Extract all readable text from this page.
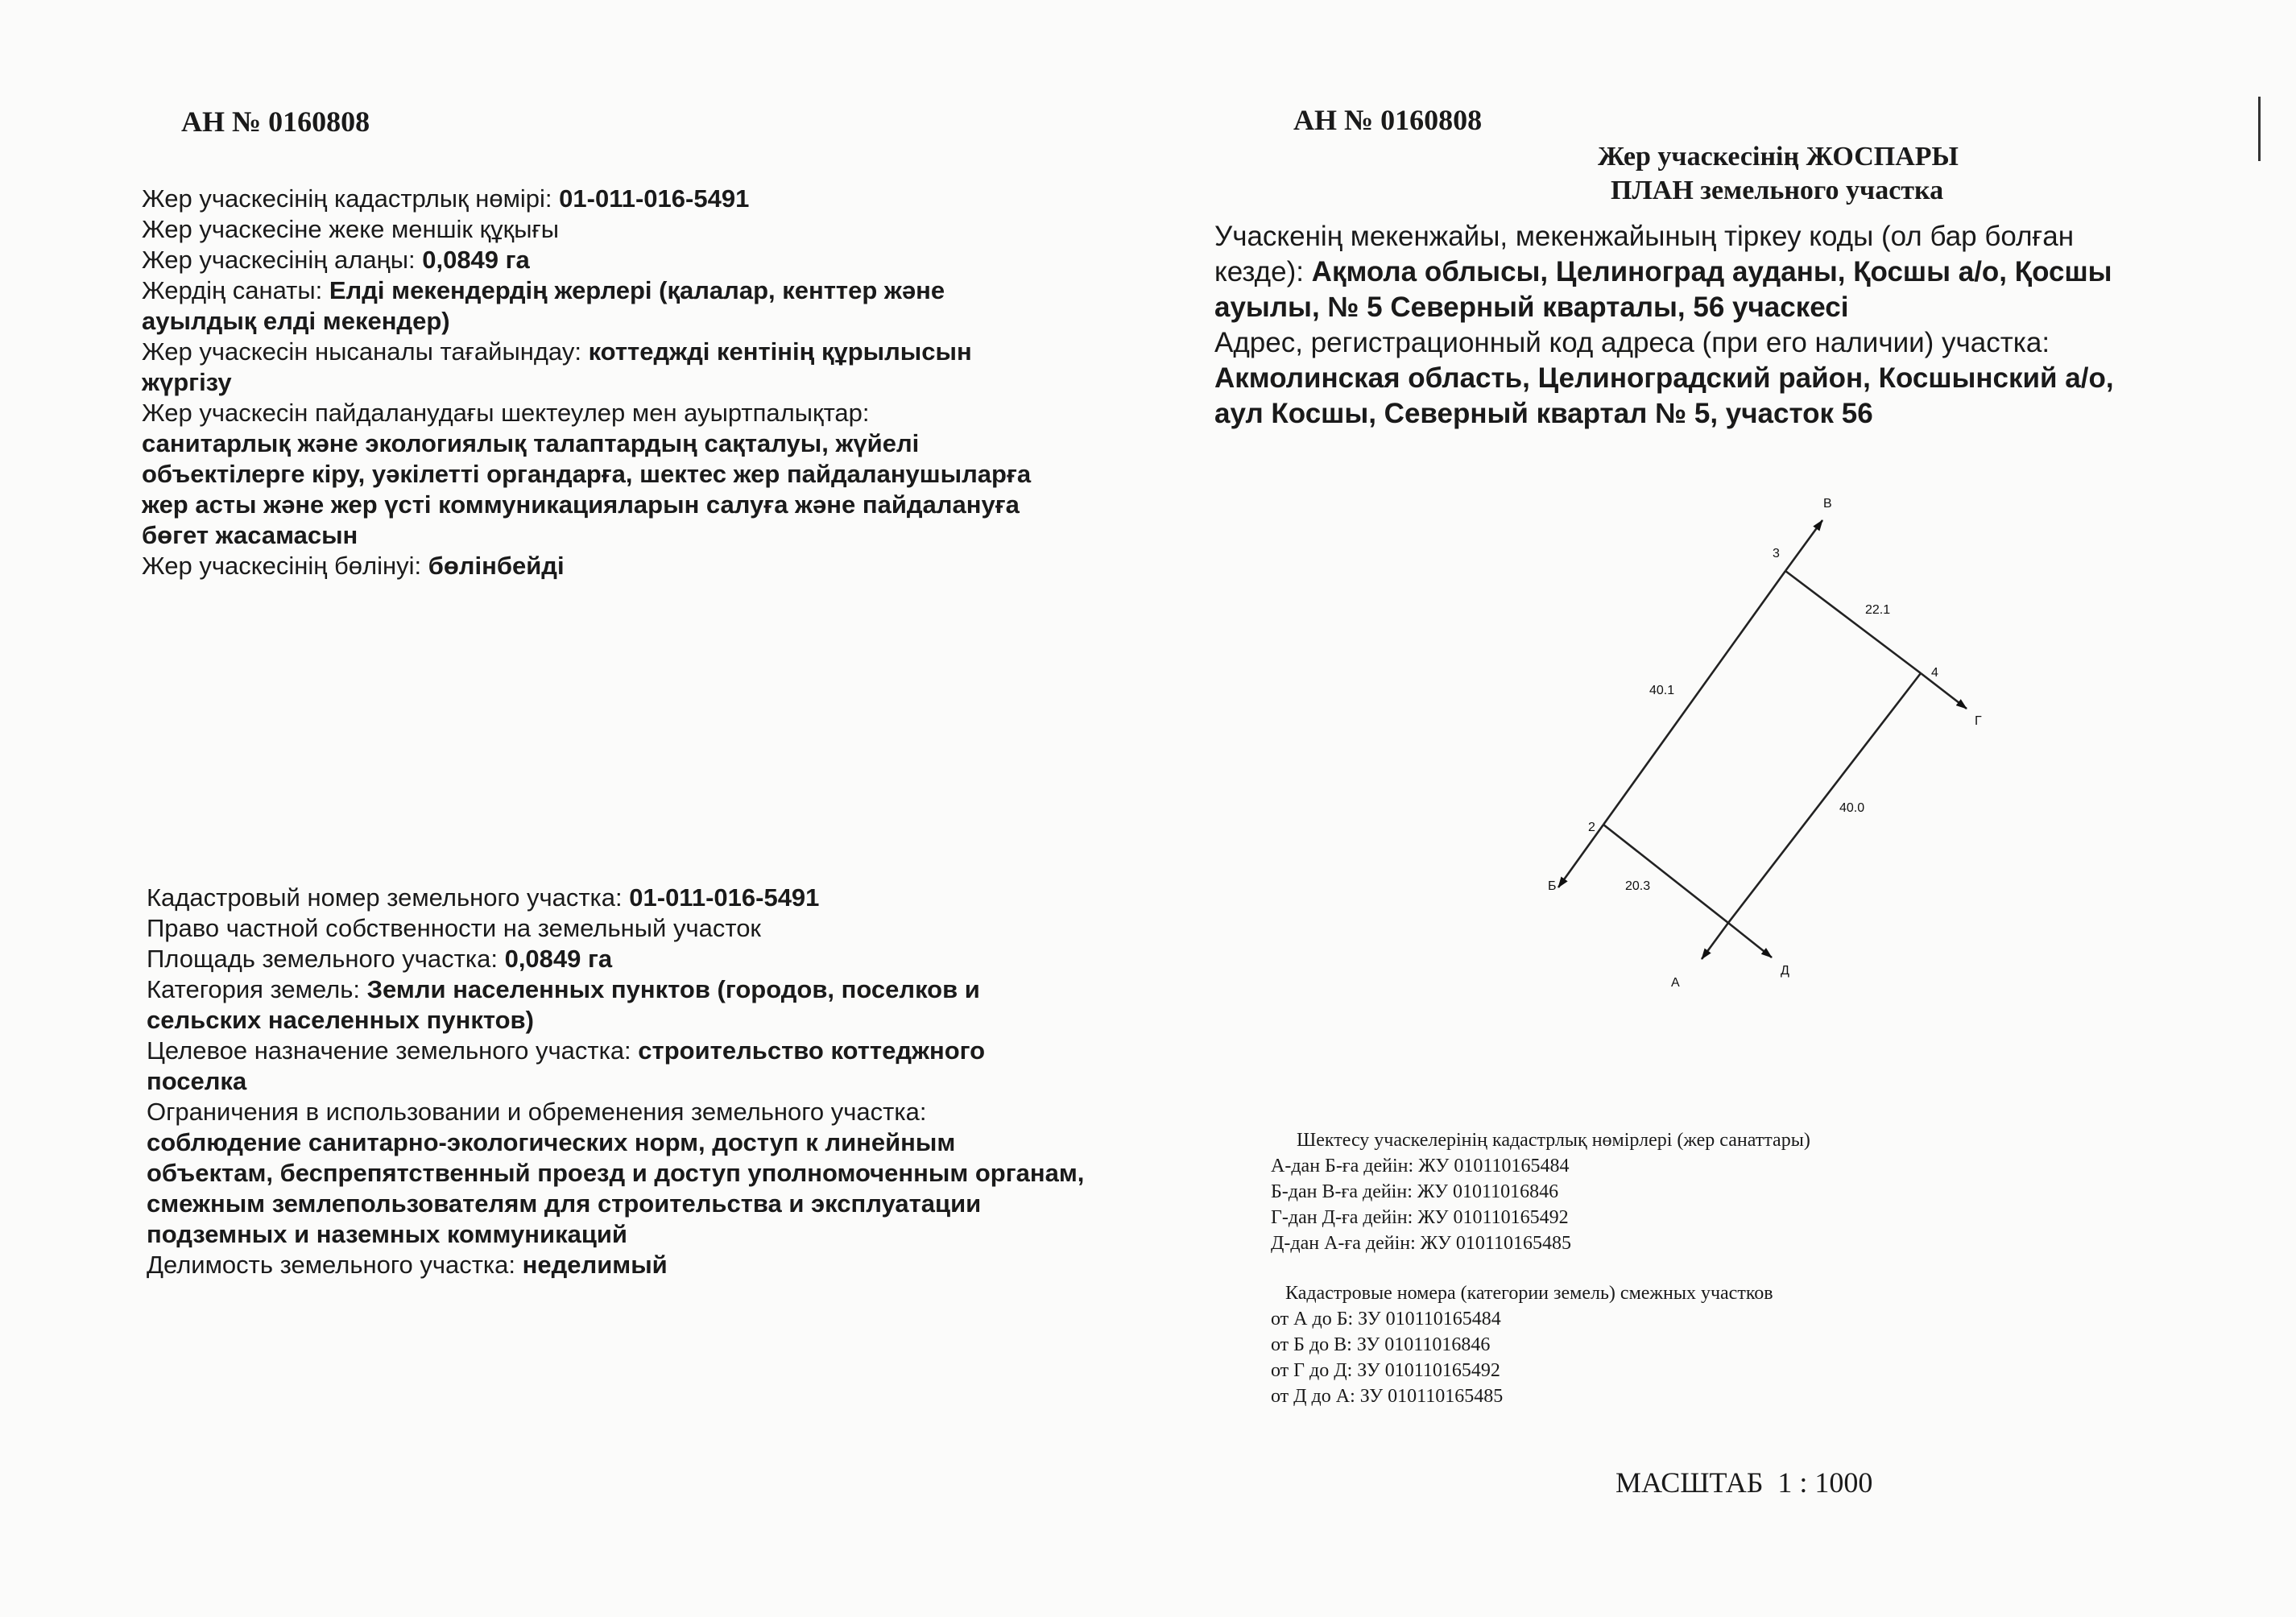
АН № 0160808	АН № 0160808
Жер учаскесінің кадастрлық нөмірі: 01-011-016-5491
Жер учаскесіне жеке меншік құқығы
Жер учаскесінің алаңы: 0,0849 га
Жердің санаты: Елді мекендердің жерлері (қалалар, кенттер және
ауылдық елді мекендер)
Жер учаскесін нысаналы тағайындау: коттеджді кентінің құрылысын
жүргізу
Жер учаскесін пайдаланудағы шектеулер мен ауыртпалықтар:
санитарлық және экологиялық талаптардың сақталуы, жүйелі
объектілерге кіру, уәкілетті органдарға, шектес жер пайдаланушыларға
жер асты және жер үсті коммуникацияларын салуға және пайдалануға
бөгет жасамасын
Жер учаскесінің бөлінуі: бөлінбейді
Кадастровый номер земельного участка: 01-011-016-5491
Право частной собственности на земельный участок
Площадь земельного участка: 0,0849 га
Категория земель: Земли населенных пунктов (городов, поселков и
сельских населенных пунктов)
Целевое назначение земельного участка: строительство коттеджного
поселка
Ограничения в использовании и обременения земельного участка:
соблюдение санитарно-экологических норм, доступ к линейным
объектам, беспрепятственный проезд и доступ уполномоченным органам,
смежным землепользователям для строительства и эксплуатации
подземных и наземных коммуникаций
Делимость земельного участка: неделимый
Жер учаскесінің ЖОСПАРЫ
ПЛАН земельного участка
Учаскенің мекенжайы, мекенжайының тіркеу коды (ол бар болған
кезде): Ақмола облысы, Целиноград ауданы, Қосшы а/о, Қосшы
ауылы, № 5 Северный кварталы, 56 учаскесі
Адрес, регистрационный код адреса (при его наличии) участка:
Акмолинская область, Целиноградский район, Косшынский а/о,
аул Косшы, Северный квартал № 5, участок 56
2
3
4
А
Б
В
Г
Д
40.1
22.1
40.0
20.3
Шектесу учаскелерінің кадастрлық нөмірлері (жер санаттары)
А-дан Б-ға дейін: ЖУ 010110165484
Б-дан В-ға дейін: ЖУ 01011016846
Г-дан Д-ға дейін: ЖУ 010110165492
Д-дан А-ға дейін: ЖУ 010110165485
Кадастровые номера (категории земель) смежных участков
от А до Б: ЗУ 010110165484
от Б до В: ЗУ 01011016846
от Г до Д: ЗУ 010110165492
от Д до А: ЗУ 010110165485
МАСШТАБ 1 : 1000
